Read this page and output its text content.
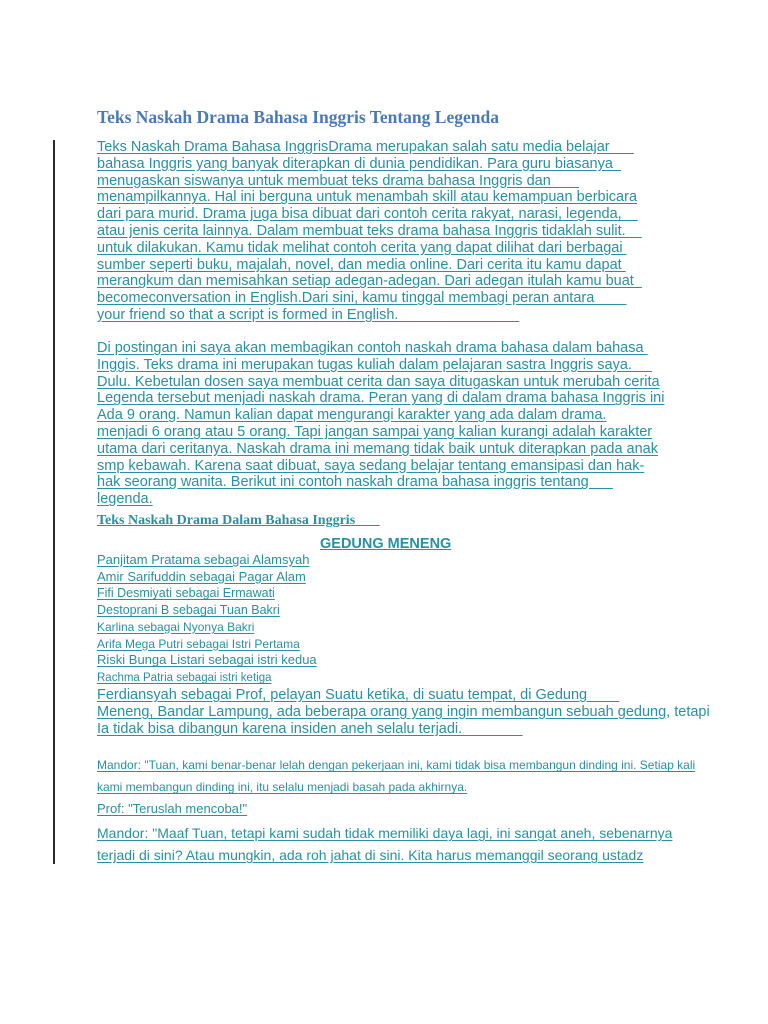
Teks Naskah Drama Bahasa Inggris Tentang Legenda
Teks Naskah Drama Bahasa InggrisDrama merupakan salah satu media belajar
bahasa Inggris yang banyak diterapkan di dunia pendidikan. Para guru biasanya
menugaskan siswanya untuk membuat teks drama bahasa Inggris dan
menampilkannya. Hal ini berguna untuk menambah skill atau kemampuan berbicara
dari para murid. Drama juga bisa dibuat dari contoh cerita rakyat, narasi, legenda,
atau jenis cerita lainnya. Dalam membuat teks drama bahasa Inggris tidaklah sulit.
untuk dilakukan. Kamu tidak melihat contoh cerita yang dapat dilihat dari berbagai
sumber seperti buku, majalah, novel, dan media online. Dari cerita itu kamu dapat
merangkum dan memisahkan setiap adegan-adegan. Dari adegan itulah kamu buat
becomeconversation in English.Dari sini, kamu tinggal membagi peran antara
your friend so that a script is formed in English.
Di postingan ini saya akan membagikan contoh naskah drama bahasa dalam bahasa
Inggis. Teks drama ini merupakan tugas kuliah dalam pelajaran sastra Inggris saya.
Dulu. Kebetulan dosen saya membuat cerita dan saya ditugaskan untuk merubah cerita
Legenda tersebut menjadi naskah drama. Peran yang di dalam drama bahasa Inggris ini
Ada 9 orang. Namun kalian dapat mengurangi karakter yang ada dalam drama.
menjadi 6 orang atau 5 orang. Tapi jangan sampai yang kalian kurangi adalah karakter
utama dari ceritanya. Naskah drama ini memang tidak baik untuk diterapkan pada anak
smp kebawah. Karena saat dibuat, saya sedang belajar tentang emansipasi dan hak-
hak seorang wanita. Berikut ini contoh naskah drama bahasa inggris tentang
legenda.
Teks Naskah Drama Dalam Bahasa Inggris
GEDUNG MENENG
Panjitam Pratama sebagai Alamsyah
Amir Sarifuddin sebagai Pagar Alam
Fifi Desmiyati sebagai Ermawati
Destoprani B sebagai Tuan Bakri
Karlina sebagai Nyonya Bakri
Arifa Mega Putri sebagai Istri Pertama
Riski Bunga Listari sebagai istri kedua
Rachma Patria sebagai istri ketiga
Ferdiansyah sebagai Prof, pelayan Suatu ketika, di suatu tempat, di Gedung
Meneng, Bandar Lampung, ada beberapa orang yang ingin membangun sebuah gedung, tetapi
Ia tidak bisa dibangun karena insiden aneh selalu terjadi.
Mandor: "Tuan, kami benar-benar lelah dengan pekerjaan ini, kami tidak bisa membangun dinding ini. Setiap kali
kami membangun dinding ini, itu selalu menjadi basah pada akhirnya.
Prof: "Teruslah mencoba!"
Mandor: "Maaf Tuan, tetapi kami sudah tidak memiliki daya lagi, ini sangat aneh, sebenarnya
terjadi di sini? Atau mungkin, ada roh jahat di sini. Kita harus memanggil seorang ustadz
